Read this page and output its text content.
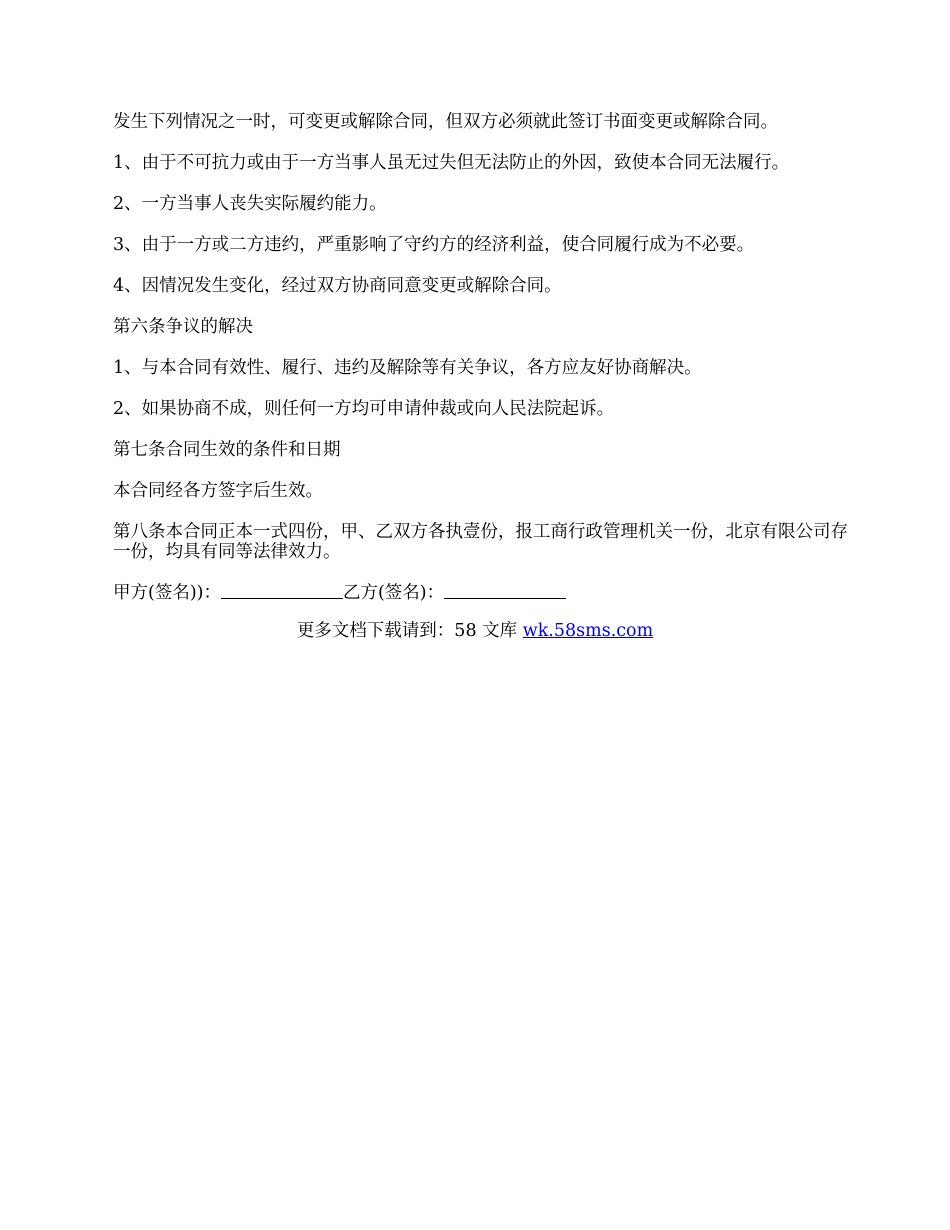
发生下列情况之一时，可变更或解除合同，但双方必须就此签订书面变更或解除合同。

1、由于不可抗力或由于一方当事人虽无过失但无法防止的外因，致使本合同无法履行。

2、一方当事人丧失实际履约能力。

3、由于一方或二方违约，严重影响了守约方的经济利益，使合同履行成为不必要。

4、因情况发生变化，经过双方协商同意变更或解除合同。

第六条争议的解决

1、与本合同有效性、履行、违约及解除等有关争议，各方应友好协商解决。

2、如果协商不成，则任何一方均可申请仲裁或向人民法院起诉。

第七条合同生效的条件和日期

本合同经各方签字后生效。

第八条本合同正本一式四份，甲、乙双方各执壹份，报工商行政管理机关一份，北京有限公司存一份，均具有同等法律效力。

甲方(签名))：	乙方(签名)：

更多文档下载请到：58 文库 wk.58sms.com
